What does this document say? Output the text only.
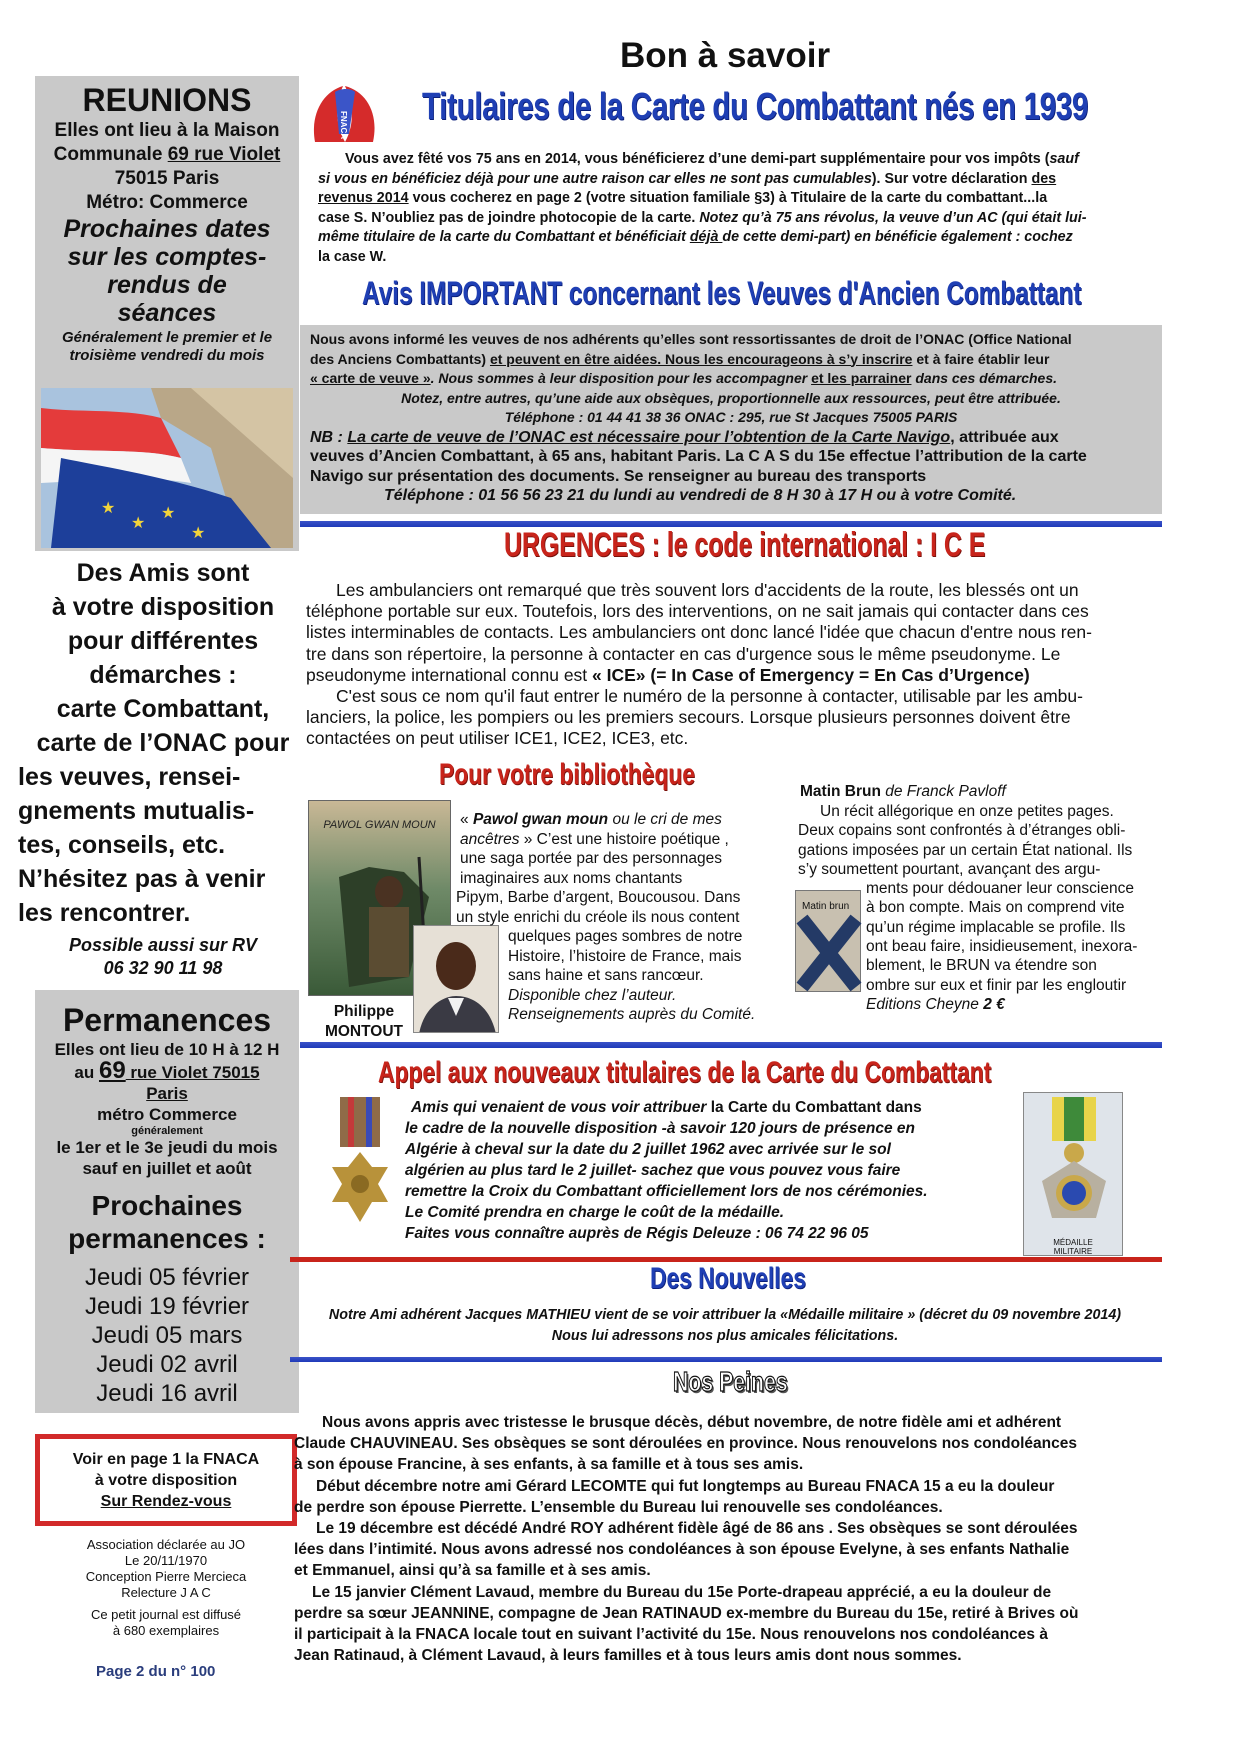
REUNIONS
Elles ont lieu à la Maison
Communale 69 rue Violet
75015 Paris
Métro: Commerce
Prochaines dates
sur les comptes-
rendus de
séances
Généralement le premier et le
troisième vendredi du mois
★
★
★
★
Des Amis sont
à votre disposition
pour différentes
démarches :
carte Combattant,
carte de l’ONAC pour
les veuves, rensei-
gnements mutualis-
tes, conseils, etc.
N’hésitez pas à venir
les rencontrer.
Possible aussi sur RV
06 32 90 11 98
Permanences
Elles ont lieu de 10 H à 12 H
au 69 rue Violet 75015
Paris
métro Commerce
généralement
le 1er et le 3e jeudi du mois
sauf en juillet et août
Prochaines
permanences :
Jeudi 05 février
Jeudi 19 février
Jeudi 05 mars
Jeudi 02 avril
Jeudi 16 avril
Voir en page 1 la FNACA
à votre disposition
Sur Rendez-vous
Association déclarée au JO
Le 20/11/1970
Conception Pierre Mercieca
Relecture J A C
Ce petit journal est diffusé
à 680 exemplaires
Page 2 du n° 100
Bon à savoir
FNACA Titulaires de la Carte du Combattant nés en 1939
Vous avez fêté vos 75 ans en 2014, vous bénéficierez d’une demi-part supplémentaire pour vos impôts (sauf
si vous en bénéficiez déjà pour une autre raison car elles ne sont pas cumulables). Sur votre déclaration des
revenus 2014 vous cocherez en page 2 (votre situation familiale §3) à Titulaire de la carte du combattant...la
case S. N’oubliez pas de joindre photocopie de la carte. Notez qu’à 75 ans révolus, la veuve d’un AC (qui était lui-
même titulaire de la carte du Combattant et bénéficiait déjà de cette demi-part) en bénéficie également : cochez
la case W.
Avis IMPORTANT concernant les Veuves d'Ancien Combattant
Nous avons informé les veuves de nos adhérents qu’elles sont ressortissantes de droit de l’ONAC (Office National
des Anciens Combattants) et peuvent en être aidées. Nous les encourageons à s’y inscrire et à faire établir leur
« carte de veuve ». Nous sommes à leur disposition pour les accompagner et les parrainer dans ces démarches.
Notez, entre autres, qu’une aide aux obsèques, proportionnelle aux ressources, peut être attribuée.
Téléphone : 01 44 41 38 36 ONAC : 295, rue St Jacques 75005 PARIS
NB : La carte de veuve de l’ONAC est nécessaire pour l’obtention de la Carte Navigo, attribuée aux
veuves d’Ancien Combattant, à 65 ans, habitant Paris. La C A S du 15e effectue l’attribution de la carte
Navigo sur présentation des documents. Se renseigner au bureau des transports
Téléphone : 01 56 56 23 21 du lundi au vendredi de 8 H 30 à 17 H ou à votre Comité.
URGENCES : le code international : I C E
Les ambulanciers ont remarqué que très souvent lors d'accidents de la route, les blessés ont un
téléphone portable sur eux. Toutefois, lors des interventions, on ne sait jamais qui contacter dans ces
listes interminables de contacts. Les ambulanciers ont donc lancé l'idée que chacun d'entre nous ren-
tre dans son répertoire, la personne à contacter en cas d'urgence sous le même pseudonyme. Le
pseudonyme international connu est « ICE» (= In Case of Emergency = En Cas d’Urgence)
C'est sous ce nom qu'il faut entrer le numéro de la personne à contacter, utilisable par les ambu-
lanciers, la police, les pompiers ou les premiers secours. Lorsque plusieurs personnes doivent être
contactées on peut utiliser ICE1, ICE2, ICE3, etc.
Pour votre bibliothèque
PAWOL GWAN MOUN
Philippe
MONTOUT
« Pawol gwan moun ou le cri de mes
ancêtres » C’est une histoire poétique ,
une saga portée par des personnages
imaginaires aux noms chantants
Pipym, Barbe d’argent, Boucousou. Dans
un style enrichi du créole ils nous content
quelques pages sombres de notre
Histoire, l’histoire de France, mais
sans haine et sans rancœur.
Disponible chez l’auteur.
Renseignements auprès du Comité.
Matin Brun de Franck Pavloff
Matin brun
Un récit allégorique en onze petites pages.
Deux copains sont confrontés à d’étranges obli-
gations imposées par un certain État national. Ils
s’y soumettent pourtant, avançant des argu-
ments pour dédouaner leur conscience
à bon compte. Mais on comprend vite
qu’un régime implacable se profile. Ils
ont beau faire, insidieusement, inexora-
blement, le BRUN va étendre son
ombre sur eux et finir par les engloutir
Editions Cheyne 2 €
Appel aux nouveaux titulaires de la Carte du Combattant
Amis qui venaient de vous voir attribuer la Carte du Combattant dans
le cadre de la nouvelle disposition -à savoir 120 jours de présence en
Algérie à cheval sur la date du 2 juillet 1962 avec arrivée sur le sol
algérien au plus tard le 2 juillet- sachez que vous pouvez vous faire
remettre la Croix du Combattant officiellement lors de nos cérémonies.
Le Comité prendra en charge le coût de la médaille.
Faites vous connaître auprès de Régis Deleuze : 06 74 22 96 05
MÉDAILLE MILITAIRE
Des Nouvelles
Notre Ami adhérent Jacques MATHIEU vient de se voir attribuer la «Médaille militaire » (décret du 09 novembre 2014)
Nous lui adressons nos plus amicales félicitations.
Nos Peines
Nous avons appris avec tristesse le brusque décès, début novembre, de notre fidèle ami et adhérent
Claude CHAUVINEAU. Ses obsèques se sont déroulées en province. Nous renouvelons nos condoléances
à son épouse Francine, à ses enfants, à sa famille et à tous ses amis.
Début décembre notre ami Gérard LECOMTE qui fut longtemps au Bureau FNACA 15 a eu la douleur
de perdre son épouse Pierrette. L’ensemble du Bureau lui renouvelle ses condoléances.
Le 19 décembre est décédé André ROY adhérent fidèle âgé de 86 ans . Ses obsèques se sont déroulées
lées dans l’intimité. Nous avons adressé nos condoléances à son épouse Evelyne, à ses enfants Nathalie
et Emmanuel, ainsi qu’à sa famille et à ses amis.
Le 15 janvier Clément Lavaud, membre du Bureau du 15e Porte-drapeau apprécié, a eu la douleur de
perdre sa sœur JEANNINE, compagne de Jean RATINAUD ex-membre du Bureau du 15e, retiré à Brives où
il participait à la FNACA locale tout en suivant l’activité du 15e. Nous renouvelons nos condoléances à
Jean Ratinaud, à Clément Lavaud, à leurs familles et à tous leurs amis dont nous sommes.
